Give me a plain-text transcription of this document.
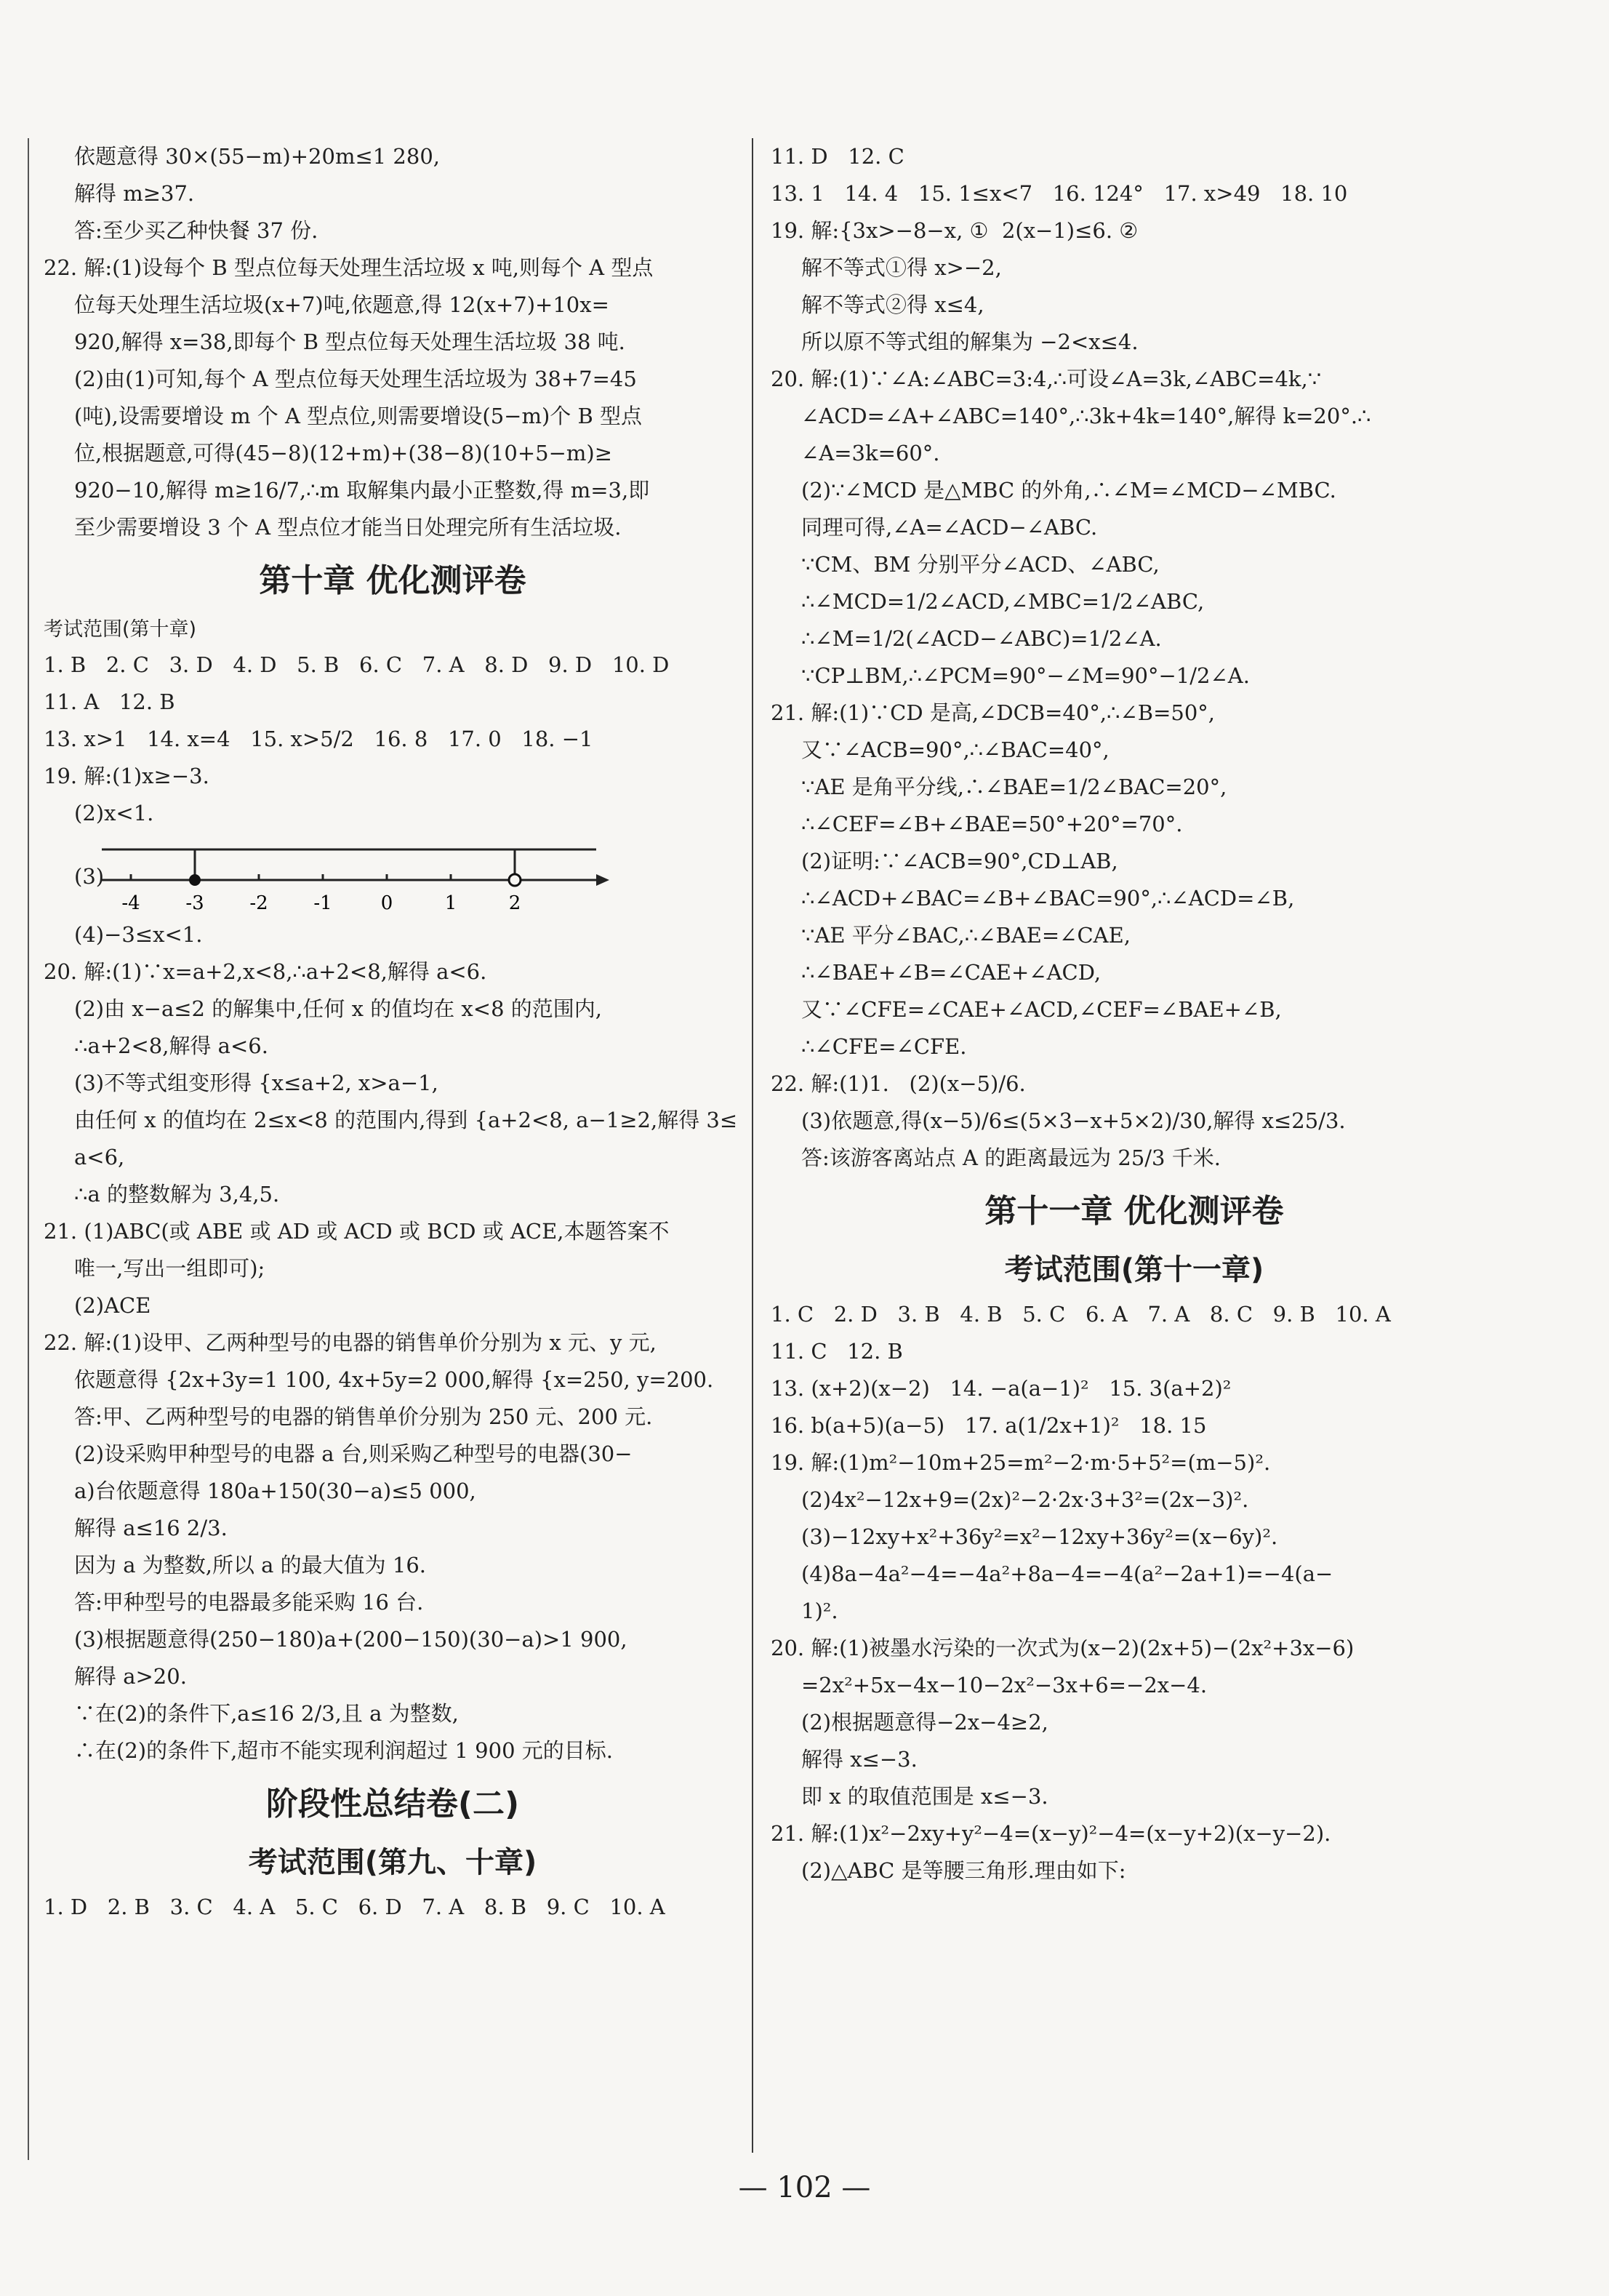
依题意得 30×(55−m)+20m≤1 280,
解得 m≥37.
答:至少买乙种快餐 37 份.
22. 解:(1)设每个 B 型点位每天处理生活垃圾 x 吨,则每个 A 型点
位每天处理生活垃圾(x+7)吨,依题意,得 12(x+7)+10x=
920,解得 x=38,即每个 B 型点位每天处理生活垃圾 38 吨.
(2)由(1)可知,每个 A 型点位每天处理生活垃圾为 38+7=45
(吨),设需要增设 m 个 A 型点位,则需要增设(5−m)个 B 型点
位,根据题意,可得(45−8)(12+m)+(38−8)(10+5−m)≥
920−10,解得 m≥16/7,∴m 取解集内最小正整数,得 m=3,即
至少需要增设 3 个 A 型点位才能当日处理完所有生活垃圾.
第十章 优化测评卷
考试范围(第十章)
1. B   2. C   3. D   4. D   5. B   6. C   7. A   8. D   9. D   10. D
11. A   12. B
13. x>1   14. x=4   15. x>5/2   16. 8   17. 0   18. −1
19. 解:(1)x≥−3.
(2)x<1.
(3)
-4 -3 -2 -1	0	1	2
(4)−3≤x<1.
20. 解:(1)∵x=a+2,x<8,∴a+2<8,解得 a<6.
(2)由 x−a≤2 的解集中,任何 x 的值均在 x<8 的范围内,
∴a+2<8,解得 a<6.
(3)不等式组变形得 {x≤a+2, x>a−1,
由任何 x 的值均在 2≤x<8 的范围内,得到 {a+2<8, a−1≥2,解得 3≤
a<6,
∴a 的整数解为 3,4,5.
21. (1)ABC(或 ABE 或 AD 或 ACD 或 BCD 或 ACE,本题答案不
唯一,写出一组即可);
(2)ACE
22. 解:(1)设甲、乙两种型号的电器的销售单价分别为 x 元、y 元,
依题意得 {2x+3y=1 100, 4x+5y=2 000,解得 {x=250, y=200.
答:甲、乙两种型号的电器的销售单价分别为 250 元、200 元.
(2)设采购甲种型号的电器 a 台,则采购乙种型号的电器(30−
a)台依题意得 180a+150(30−a)≤5 000,
解得 a≤16 2/3.
因为 a 为整数,所以 a 的最大值为 16.
答:甲种型号的电器最多能采购 16 台.
(3)根据题意得(250−180)a+(200−150)(30−a)>1 900,
解得 a>20.
∵在(2)的条件下,a≤16 2/3,且 a 为整数,
∴在(2)的条件下,超市不能实现利润超过 1 900 元的目标.
阶段性总结卷(二)
考试范围(第九、十章)
1. D   2. B   3. C   4. A   5. C   6. D   7. A   8. B   9. C   10. A
11. D   12. C
13. 1   14. 4   15. 1≤x<7   16. 124°   17. x>49   18. 10
19. 解:{3x>−8−x, ①  2(x−1)≤6. ②
解不等式①得 x>−2,
解不等式②得 x≤4,
所以原不等式组的解集为 −2<x≤4.
20. 解:(1)∵∠A:∠ABC=3:4,∴可设∠A=3k,∠ABC=4k,∵
∠ACD=∠A+∠ABC=140°,∴3k+4k=140°,解得 k=20°.∴
∠A=3k=60°.
(2)∵∠MCD 是△MBC 的外角,∴∠M=∠MCD−∠MBC.
同理可得,∠A=∠ACD−∠ABC.
∵CM、BM 分别平分∠ACD、∠ABC,
∴∠MCD=1/2∠ACD,∠MBC=1/2∠ABC,
∴∠M=1/2(∠ACD−∠ABC)=1/2∠A.
∵CP⊥BM,∴∠PCM=90°−∠M=90°−1/2∠A.
21. 解:(1)∵CD 是高,∠DCB=40°,∴∠B=50°,
又∵∠ACB=90°,∴∠BAC=40°,
∵AE 是角平分线,∴∠BAE=1/2∠BAC=20°,
∴∠CEF=∠B+∠BAE=50°+20°=70°.
(2)证明:∵∠ACB=90°,CD⊥AB,
∴∠ACD+∠BAC=∠B+∠BAC=90°,∴∠ACD=∠B,
∵AE 平分∠BAC,∴∠BAE=∠CAE,
∴∠BAE+∠B=∠CAE+∠ACD,
又∵∠CFE=∠CAE+∠ACD,∠CEF=∠BAE+∠B,
∴∠CFE=∠CFE.
22. 解:(1)1.   (2)(x−5)/6.
(3)依题意,得(x−5)/6≤(5×3−x+5×2)/30,解得 x≤25/3.
答:该游客离站点 A 的距离最远为 25/3 千米.
第十一章 优化测评卷
考试范围(第十一章)
1. C   2. D   3. B   4. B   5. C   6. A   7. A   8. C   9. B   10. A
11. C   12. B
13. (x+2)(x−2)   14. −a(a−1)²   15. 3(a+2)²
16. b(a+5)(a−5)   17. a(1/2x+1)²   18. 15
19. 解:(1)m²−10m+25=m²−2·m·5+5²=(m−5)².
(2)4x²−12x+9=(2x)²−2·2x·3+3²=(2x−3)².
(3)−12xy+x²+36y²=x²−12xy+36y²=(x−6y)².
(4)8a−4a²−4=−4a²+8a−4=−4(a²−2a+1)=−4(a−
1)².
20. 解:(1)被墨水污染的一次式为(x−2)(2x+5)−(2x²+3x−6)
=2x²+5x−4x−10−2x²−3x+6=−2x−4.
(2)根据题意得−2x−4≥2,
解得 x≤−3.
即 x 的取值范围是 x≤−3.
21. 解:(1)x²−2xy+y²−4=(x−y)²−4=(x−y+2)(x−y−2).
(2)△ABC 是等腰三角形.理由如下:
— 102 —
